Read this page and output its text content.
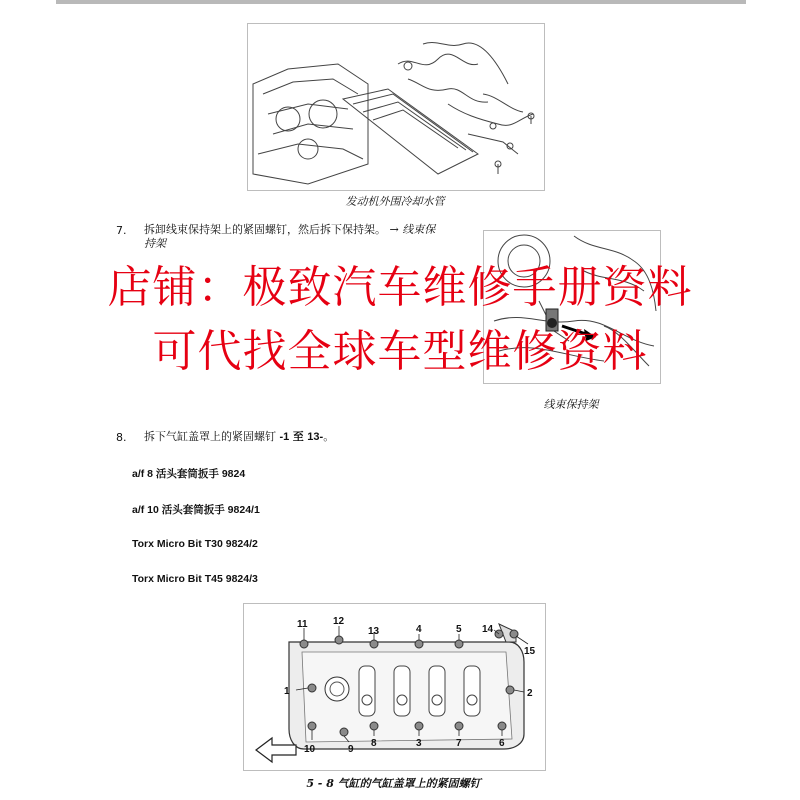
发动机外围冷却水管
7. 拆卸线束保持架上的紧固螺钉，然后拆下保持架。 → 线束保
持架
线束保持架
店铺：极致汽车维修手册资料
可代找全球车型维修资料
8. 拆下气缸盖罩上的紧固螺钉 -1 至 13-。
a/f 8 活头套筒扳手 9824
a/f 10 活头套筒扳手 9824/1
Torx Micro Bit T30 9824/2
Torx Micro Bit T45 9824/3
1	2
3
4	5
6
7
8
9
10
11	12
13	14
15
5 - 8 气缸的气缸盖罩上的紧固螺钉
